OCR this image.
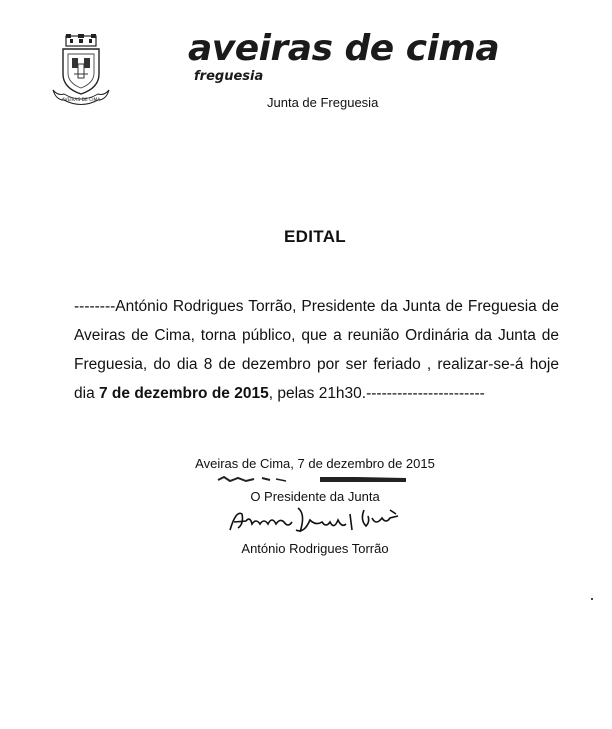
AVEIRAS DE CIMA
aveiras de cima
freguesia
Junta de Freguesia
EDITAL

--------António Rodrigues Torrão, Presidente da Junta de Freguesia de Aveiras de Cima, torna público, que a reunião Ordinária da Junta de Freguesia, do dia 8 de dezembro por ser feriado , realizar-se-á hoje dia 7 de dezembro de 2015, pelas 21h30.-----------------------

Aveiras de Cima, 7 de dezembro de 2015
O Presidente da Junta
António Rodrigues Torrão
